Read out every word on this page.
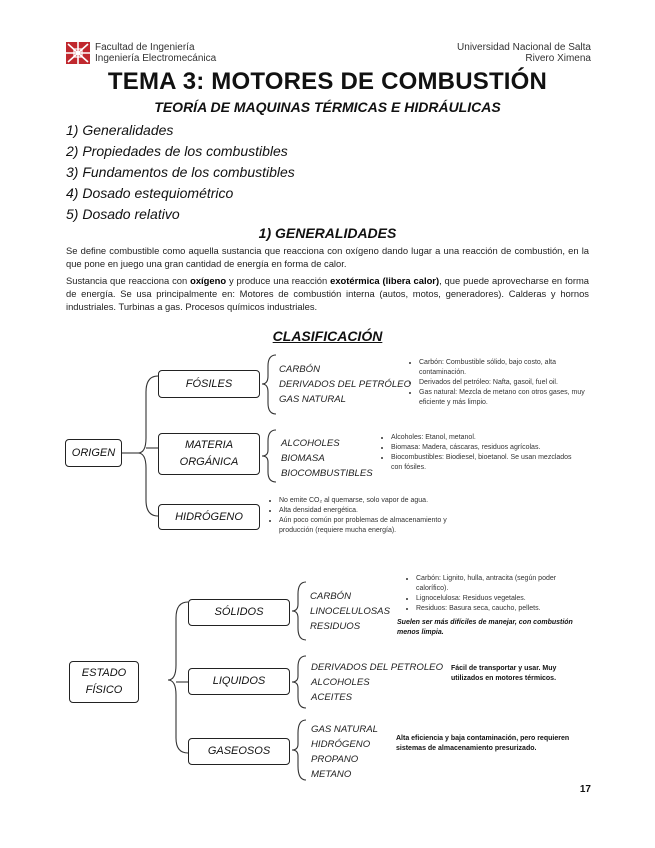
Facultad de Ingeniería
Ingeniería Electromecánica
Universidad Nacional de Salta
Rivero Ximena
TEMA 3: MOTORES DE COMBUSTIÓN
TEORÍA DE MAQUINAS TÉRMICAS E HIDRÁULICAS
1) Generalidades
2) Propiedades de los combustibles
3) Fundamentos de los combustibles
4) Dosado estequiométrico
5) Dosado relativo
1) GENERALIDADES
Se define combustible como aquella sustancia que reacciona con oxígeno dando lugar a una reacción de combustión, en la que pone en juego una gran cantidad de energía en forma de calor.
Sustancia que reacciona con oxígeno y produce una reacción exotérmica (libera calor), que puede aprovecharse en forma de energía. Se usa principalmente en: Motores de combustión interna (autos, motos, generadores). Calderas y hornos industriales. Turbinas a gas. Procesos químicos industriales.
CLASIFICACIÓN
ORIGEN
FÓSILES
CARBÓN
DERIVADOS DEL PETRÓLEO
GAS NATURAL
• Carbón: Combustible sólido, bajo costo, alta contaminación.
• Derivados del petróleo: Nafta, gasoil, fuel oil.
• Gas natural: Mezcla de metano con otros gases, muy eficiente y más limpio.
MATERIA
ORGÁNICA
ALCOHOLES
BIOMASA
BIOCOMBUSTIBLES
• Alcoholes: Etanol, metanol.
• Biomasa: Madera, cáscaras, residuos agrícolas.
• Biocombustibles: Biodiesel, bioetanol. Se usan mezclados con fósiles.
HIDRÓGENO
• No emite CO₂ al quemarse, solo vapor de agua.
• Alta densidad energética.
• Aún poco común por problemas de almacenamiento y producción (requiere mucha energía).
ESTADO
FÍSICO
SÓLIDOS
CARBÓN
LINOCELULOSAS
RESIDUOS
• Carbón: Lignito, hulla, antracita (según poder calorífico).
• Lignocelulosa: Residuos vegetales.
• Residuos: Basura seca, caucho, pellets.
Suelen ser más difíciles de manejar, con combustión menos limpia.
LIQUIDOS
DERIVADOS DEL PETROLEO
ALCOHOLES
ACEITES
Fácil de transportar y usar. Muy utilizados en motores térmicos.
GASEOSOS
GAS NATURAL
HIDRÓGENO
PROPANO
METANO
Alta eficiencia y baja contaminación, pero requieren sistemas de almacenamiento presurizado.
17
